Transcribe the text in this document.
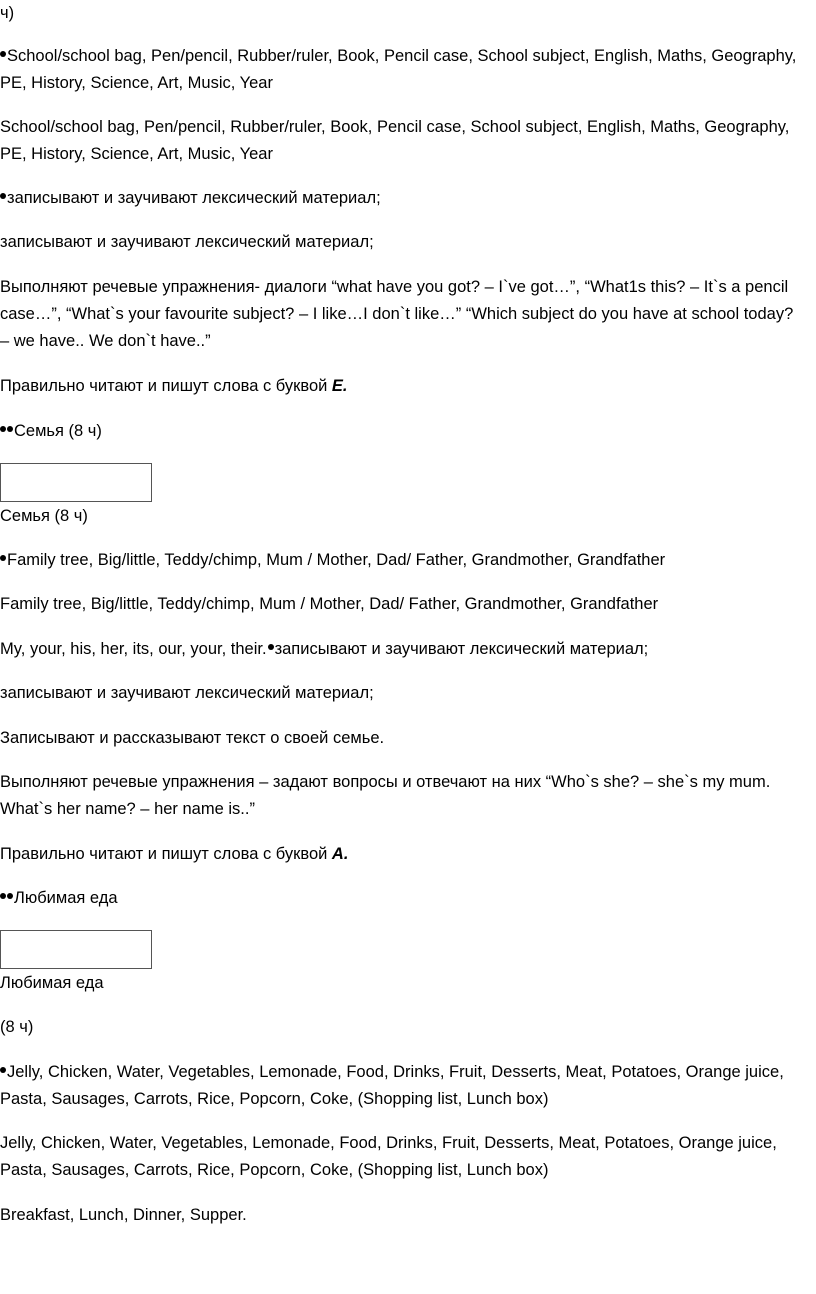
ч)

School/school bag, Pen/pencil, Rubber/ruler, Book, Pencil case, School subject, English, Maths, Geography, PE, History, Science, Art, Music, Year

School/school bag, Pen/pencil, Rubber/ruler, Book, Pencil case, School subject, English, Maths, Geography, PE, History, Science, Art, Music, Year

записывают и заучивают лексический материал;

записывают и заучивают лексический материал;

Выполняют речевые упражнения- диалоги “what have you got? – I`ve got…”, “What1s this? – It`s a pencil case…”, “What`s your favourite subject? – I like…I don`t like…” “Which subject do you have at school today? – we have.. We don`t have..”

Правильно читают и пишут слова с буквой E.

Семья (8 ч)

Семья (8 ч)

Family tree, Big/little, Teddy/chimp, Mum / Mother, Dad/ Father, Grandmother, Grandfather

Family tree, Big/little, Teddy/chimp, Mum / Mother, Dad/ Father, Grandmother, Grandfather

My, your, his, her, its, our, your, their. записывают и заучивают лексический материал;

записывают и заучивают лексический материал;

Записывают и рассказывают текст о своей семье.

Выполняют речевые упражнения – задают вопросы и отвечают на них “Who`s she? – she`s my mum. What`s her name? – her name is..”

Правильно читают и пишут слова с буквой A.

Любимая еда

Любимая еда

(8 ч)

Jelly, Chicken, Water, Vegetables, Lemonade, Food, Drinks, Fruit, Desserts, Meat, Potatoes, Orange juice, Pasta, Sausages, Carrots, Rice, Popcorn, Coke, (Shopping list, Lunch box)

Jelly, Chicken, Water, Vegetables, Lemonade, Food, Drinks, Fruit, Desserts, Meat, Potatoes, Orange juice, Pasta, Sausages, Carrots, Rice, Popcorn, Coke, (Shopping list, Lunch box)

Breakfast, Lunch, Dinner, Supper.
